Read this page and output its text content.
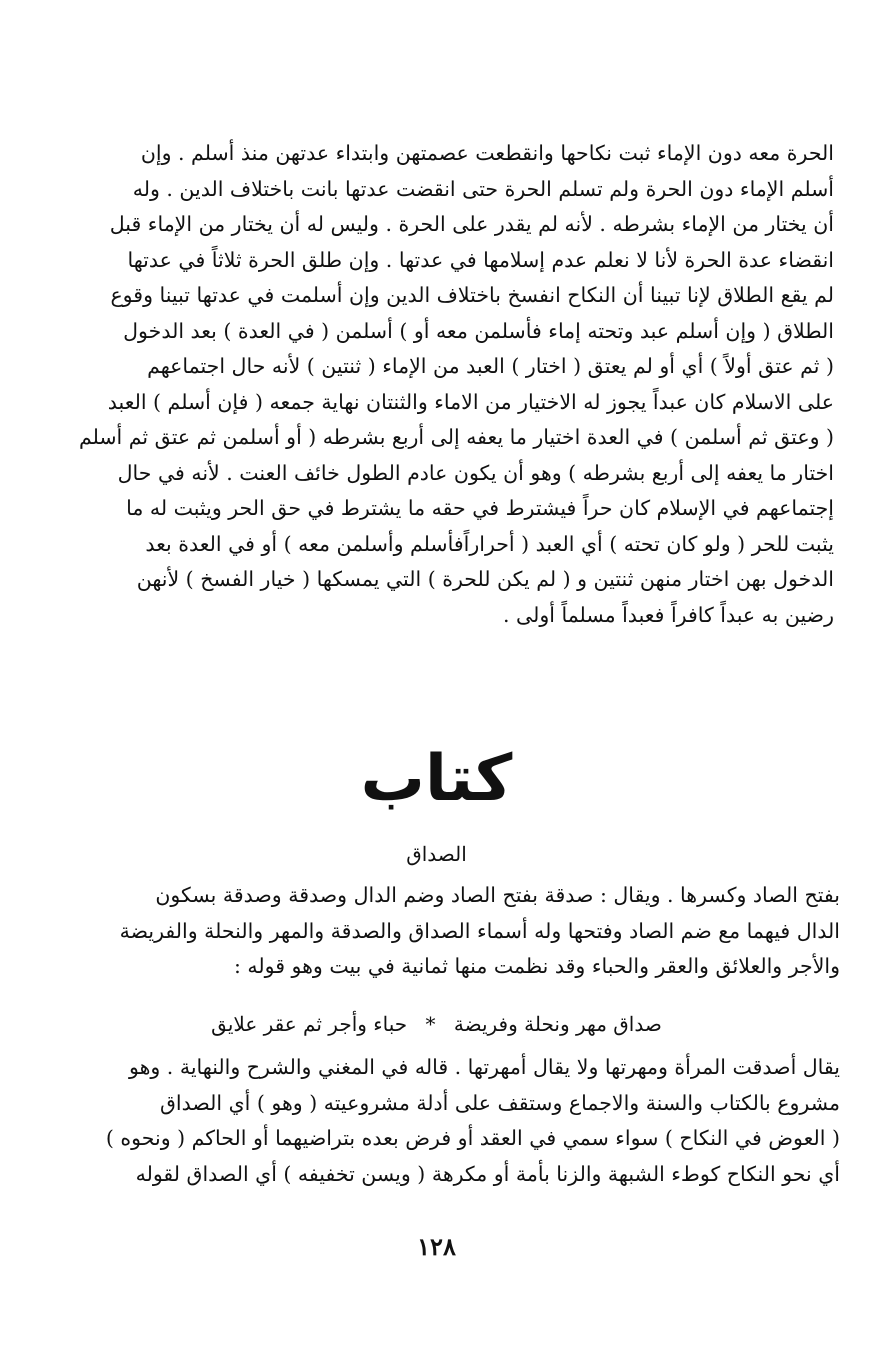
الحرة معه دون الإماء ثبت نكاحها وانقطعت عصمتهن وابتداء عدتهن منذ أسلم . وإن
أسلم الإماء دون الحرة ولم تسلم الحرة حتى انقضت عدتها بانت باختلاف الدين . وله
أن يختار من الإماء بشرطه . لأنه لم يقدر على الحرة . وليس له أن يختار من الإماء قبل
انقضاء عدة الحرة لأنا لا نعلم عدم إسلامها في عدتها . وإن طلق الحرة ثلاثاً في عدتها
لم يقع الطلاق لإنا تبينا أن النكاح انفسخ باختلاف الدين وإن أسلمت في عدتها تبينا وقوع
الطلاق ( وإن أسلم عبد وتحته إماء فأسلمن معه أو ) أسلمن ( في العدة ) بعد الدخول
( ثم عتق أولاً ) أي أو لم يعتق ( اختار ) العبد من الإماء ( ثنتين ) لأنه حال اجتماعهم
على الاسلام كان عبداً يجوز له الاختيار من الاماء والثنتان نهاية جمعه ( فإن أسلم ) العبد
( وعتق ثم أسلمن ) في العدة اختيار ما يعفه إلى أربع بشرطه ( أو أسلمن ثم عتق ثم أسلم
اختار ما يعفه إلى أربع بشرطه ) وهو أن يكون عادم الطول خائف العنت . لأنه في حال
إجتماعهم في الإسلام كان حراً فيشترط في حقه ما يشترط في حق الحر ويثبت له ما
يثبت للحر ( ولو كان تحته ) أي العبد ( أحراراًفأسلم وأسلمن معه ) أو في العدة بعد
الدخول بهن اختار منهن ثنتين و ( لم يكن للحرة ) التي يمسكها ( خيار الفسخ ) لأنهن
رضين به عبداً كافراً فعبداً مسلماً أولى .
كتاب
الصداق
بفتح الصاد وكسرها . ويقال : صدقة بفتح الصاد وضم الدال وصدقة وصدقة بسكون
الدال فيهما مع ضم الصاد وفتحها وله أسماء الصداق والصدقة والمهر والنحلة والفريضة
والأجر والعلائق والعقر والحباء وقد نظمت منها ثمانية في بيت وهو قوله :
صداق مهر ونحلة وفريضة * حباء وأجر ثم عقر علايق
يقال أصدقت المرأة ومهرتها ولا يقال أمهرتها . قاله في المغني والشرح والنهاية . وهو
مشروع بالكتاب والسنة والاجماع وستقف على أدلة مشروعيته ( وهو ) أي الصداق
( العوض في النكاح ) سواء سمي في العقد أو فرض بعده بتراضيهما أو الحاكم ( ونحوه )
أي نحو النكاح كوطء الشبهة والزنا بأمة أو مكرهة ( ويسن تخفيفه ) أي الصداق لقوله
١٢٨
